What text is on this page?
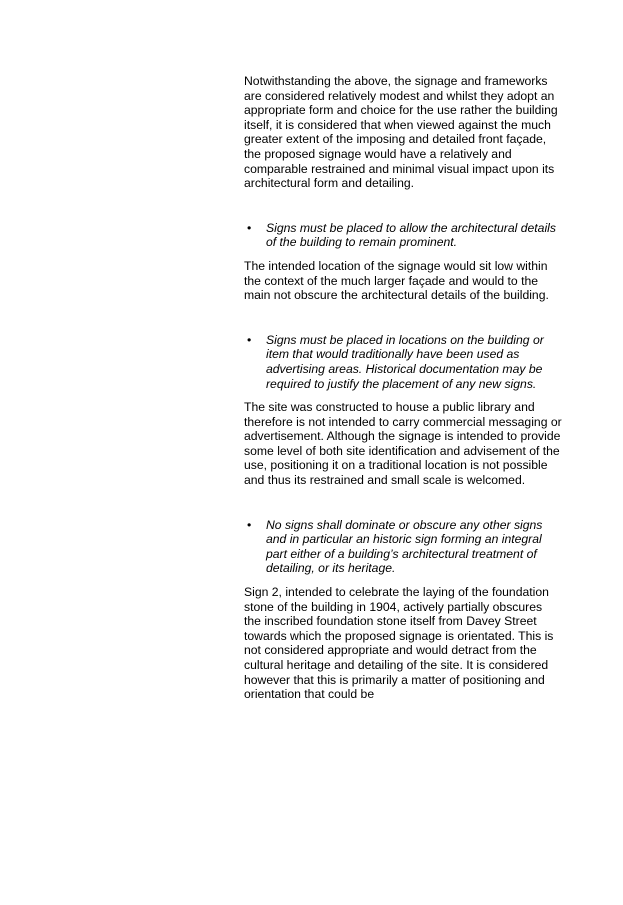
Notwithstanding the above, the signage and frameworks are considered relatively modest and whilst they adopt an appropriate form and choice for the use rather the building itself, it is considered that when viewed against the much greater extent of the imposing and detailed front façade, the proposed signage would have a relatively and comparable restrained and minimal visual impact upon its architectural form and detailing.

• Signs must be placed to allow the architectural details of the building to remain prominent.

The intended location of the signage would sit low within the context of the much larger façade and would to the main not obscure the architectural details of the building.

• Signs must be placed in locations on the building or item that would traditionally have been used as advertising areas. Historical documentation may be required to justify the placement of any new signs.

The site was constructed to house a public library and therefore is not intended to carry commercial messaging or advertisement. Although the signage is intended to provide some level of both site identification and advisement of the use, positioning it on a traditional location is not possible and thus its restrained and small scale is welcomed.

• No signs shall dominate or obscure any other signs and in particular an historic sign forming an integral part either of a building’s architectural treatment of detailing, or its heritage.

Sign 2, intended to celebrate the laying of the foundation stone of the building in 1904, actively partially obscures the inscribed foundation stone itself from Davey Street towards which the proposed signage is orientated. This is not considered appropriate and would detract from the cultural heritage and detailing of the site. It is considered however that this is primarily a matter of positioning and orientation that could be
